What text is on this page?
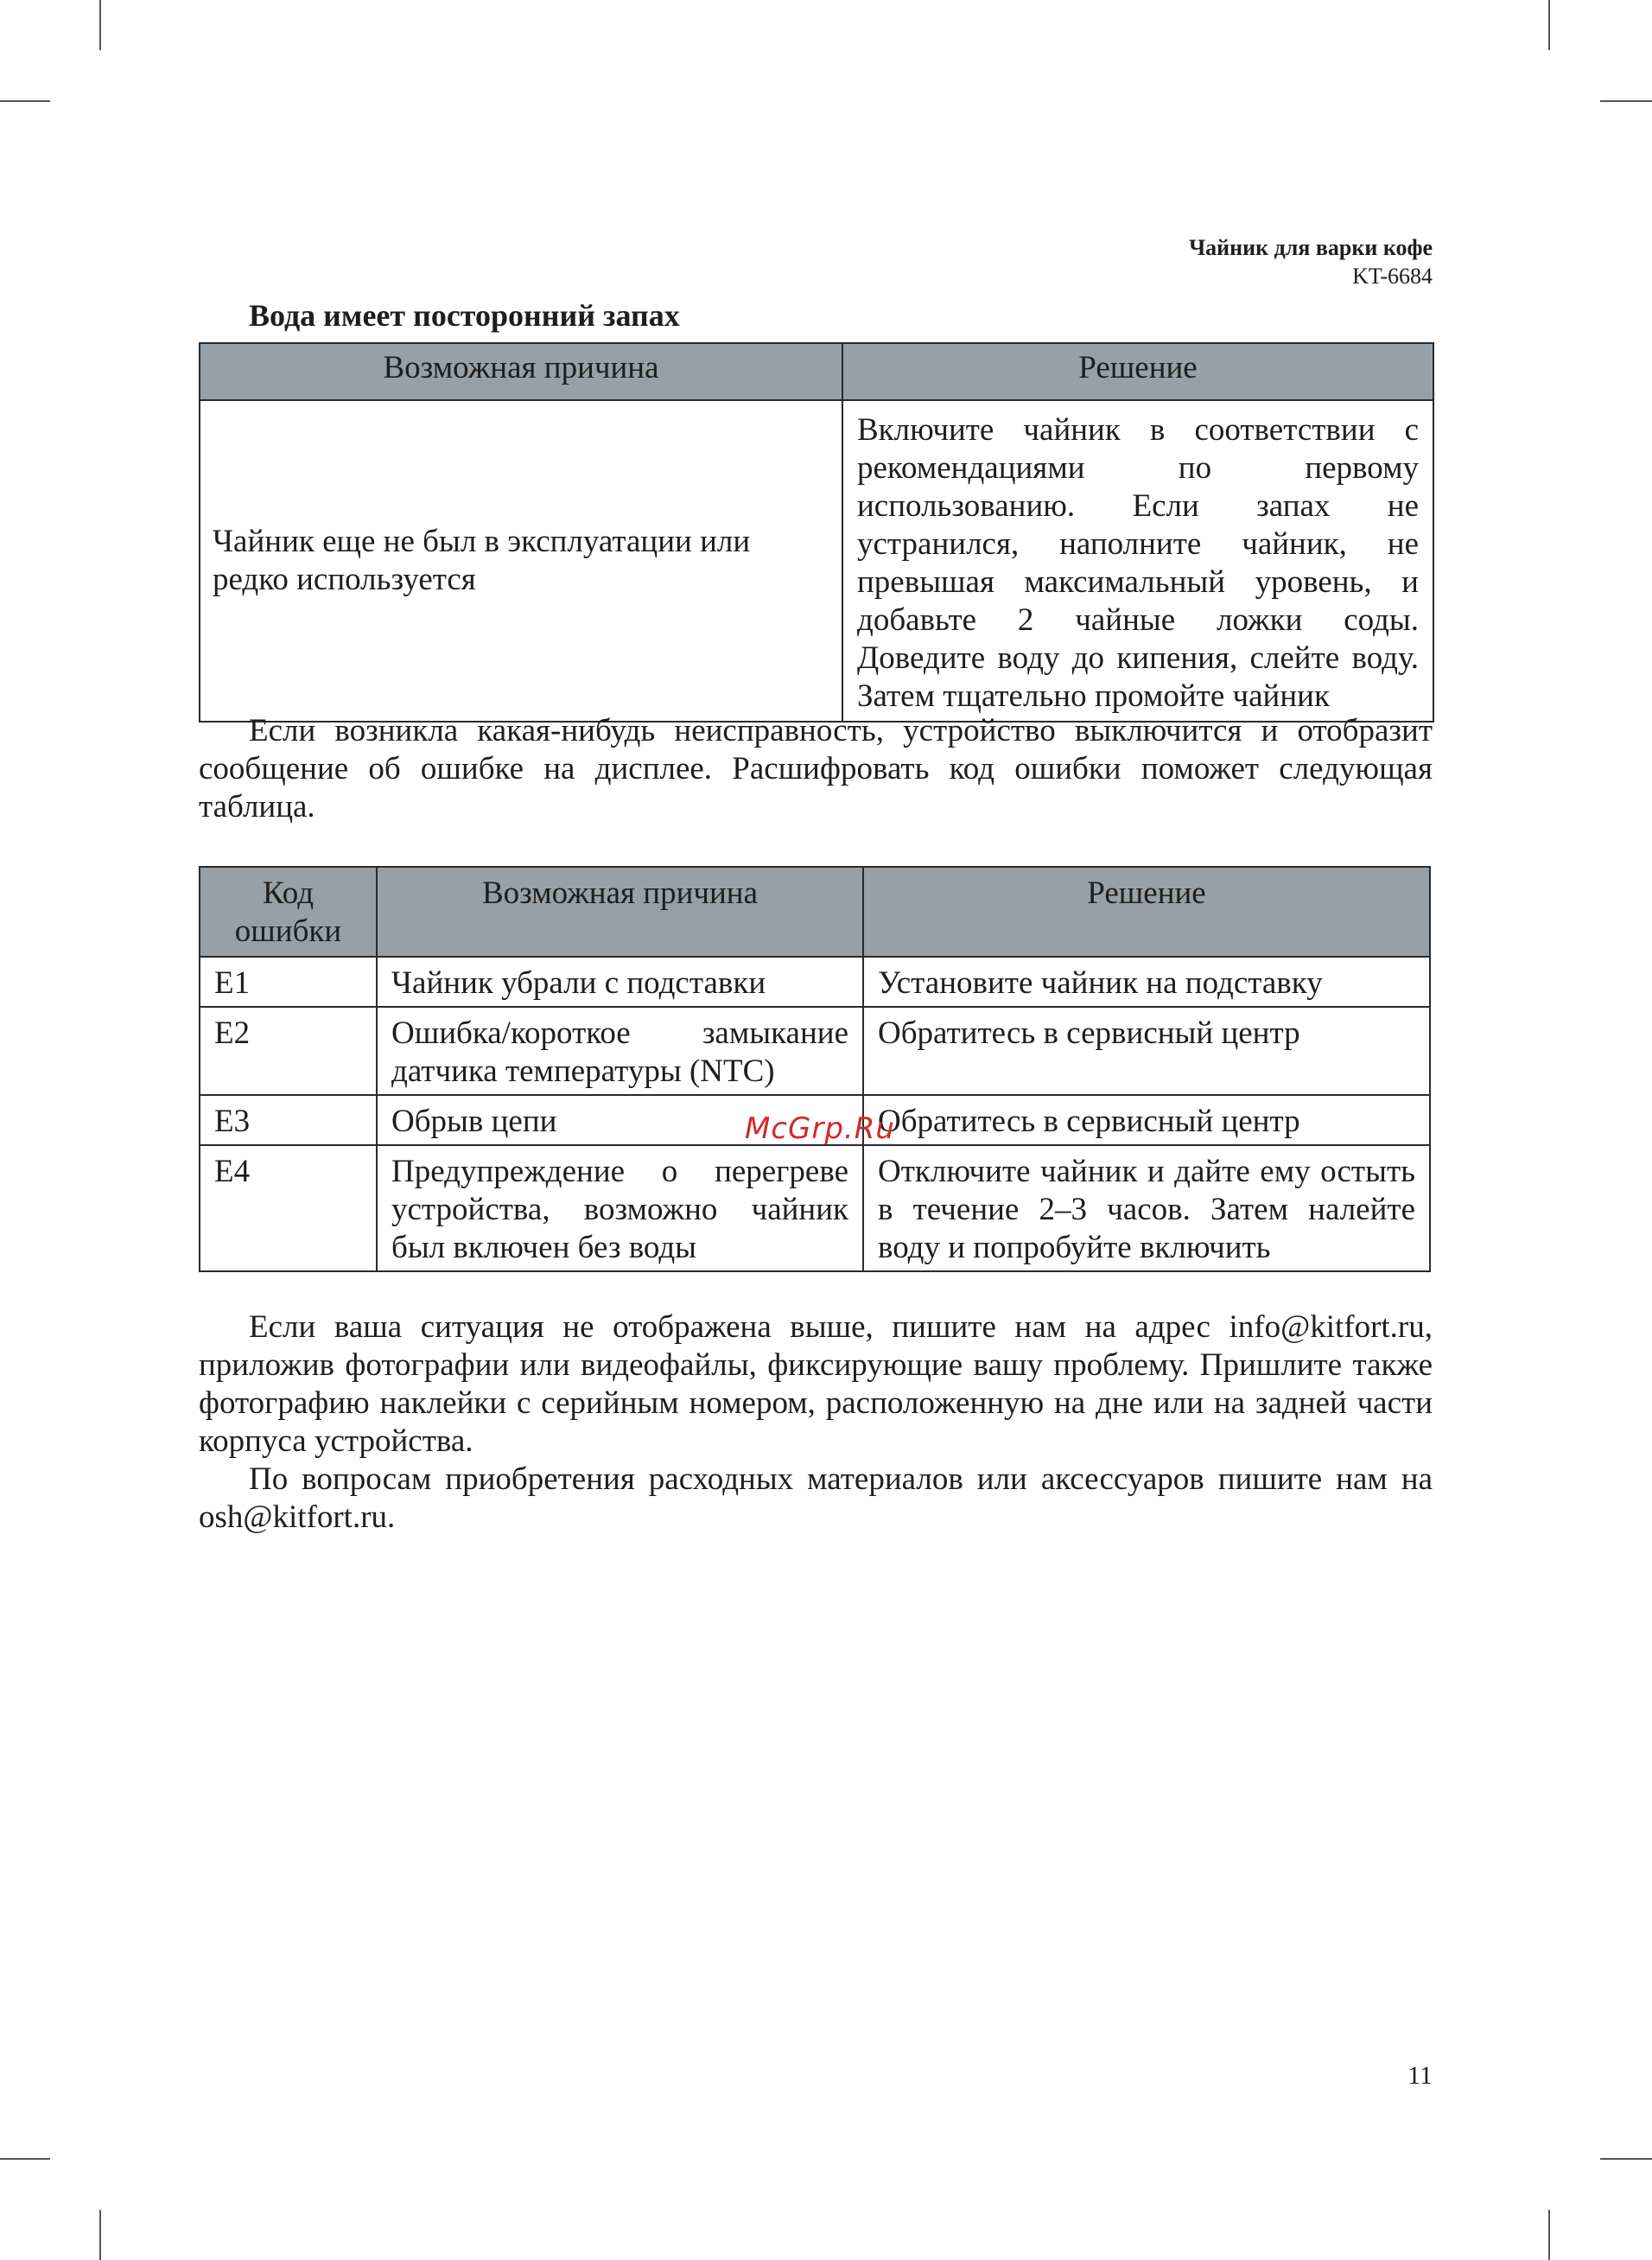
Чайник для варки кофе
KT-6684
Вода имеет посторонний запах
Возможная причина	Решение
Чайник еще не был в эксплуатации или редко используется	Включите чайник в соответствии с рекомендациями по первому использованию. Если запах не устранился, наполните чайник, не превышая максимальный уровень, и добавьте 2 чайные ложки соды. Доведите воду до кипения, слейте воду. Затем тщательно промойте чайник

Если возникла какая-нибудь неисправность, устройство выключится и отобразит сообщение об ошибке на дисплее. Расшифровать код ошибки поможет следующая таблица.

Код ошибки	Возможная причина	Решение
E1	Чайник убрали с подставки	Установите чайник на подставку
E2	Ошибка/короткое замыкание датчика температуры (NTC)	Обратитесь в сервисный центр
E3	Обрыв цепи	Обратитесь в сервисный центр
E4	Предупреждение о перегреве устройства, возможно чайник был включен без воды	Отключите чайник и дайте ему остыть в течение 2–3 часов. Затем налейте воду и попробуйте включить

Если ваша ситуация не отображена выше, пишите нам на адрес info@kitfort.ru, приложив фотографии или видеофайлы, фиксирующие вашу проблему. Пришлите также фотографию наклейки с серийным номером, расположенную на дне или на задней части корпуса устройства.

По вопросам приобретения расходных материалов или аксессуаров пишите нам на osh@kitfort.ru.

McGrp.Ru
11
